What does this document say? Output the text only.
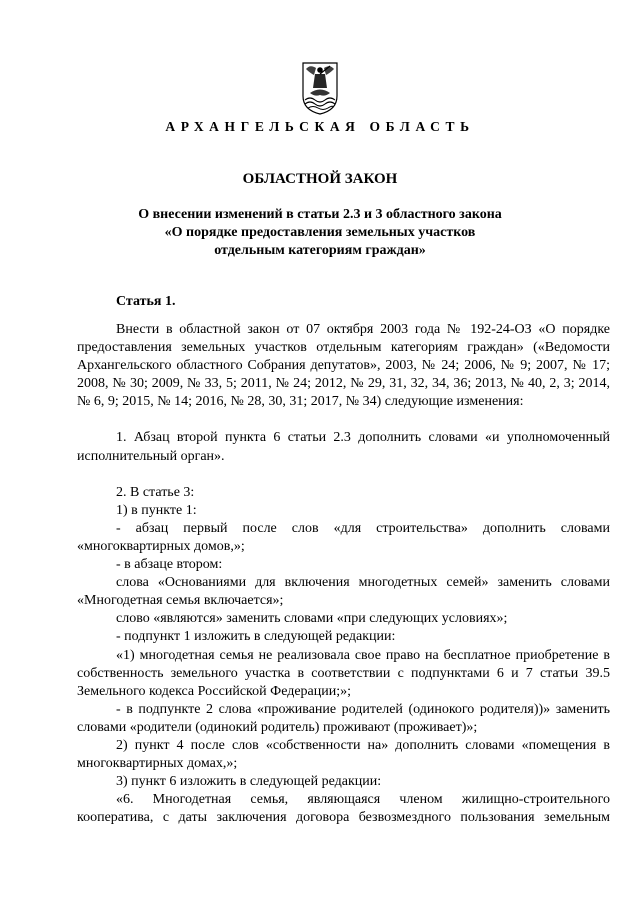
АРХАНГЕЛЬСКАЯ ОБЛАСТЬ
ОБЛАСТНОЙ ЗАКОН
О внесении изменений в статьи 2.3 и 3 областного закона
«О порядке предоставления земельных участков
отдельным категориям граждан»
Статья 1.

Внести в областной закон от 07 октября 2003 года № 192-24-ОЗ «О порядке предоставления земельных участков отдельным категориям граждан» («Ведомости Архангельского областного Собрания депутатов», 2003, № 24; 2006, № 9; 2007, № 17; 2008, № 30; 2009, № 33, 5; 2011, № 24; 2012, № 29, 31, 32, 34, 36; 2013, № 40, 2, 3; 2014, № 6, 9; 2015, № 14; 2016, № 28, 30, 31; 2017, № 34) следующие изменения:

1. Абзац второй пункта 6 статьи 2.3 дополнить словами «и уполномоченный исполнительный орган».

2. В статье 3:

1) в пункте 1:

- абзац первый после слов «для строительства» дополнить словами «многоквартирных домов,»;

- в абзаце втором:

слова «Основаниями для включения многодетных семей» заменить словами «Многодетная семья включается»;

слово «являются» заменить словами «при следующих условиях»;

- подпункт 1 изложить в следующей редакции:

«1) многодетная семья не реализовала свое право на бесплатное приобретение в собственность земельного участка в соответствии с подпунктами 6 и 7 статьи 39.5 Земельного кодекса Российской Федерации;»;

- в подпункте 2 слова «проживание родителей (одинокого родителя))» заменить словами «родители (одинокий родитель) проживают (проживает)»;

2) пункт 4 после слов «собственности на» дополнить словами «помещения в многоквартирных домах,»;

3) пункт 6 изложить в следующей редакции:

«6. Многодетная семья, являющаяся членом жилищно-строительного кооператива, с даты заключения договора безвозмездного пользования земельным
